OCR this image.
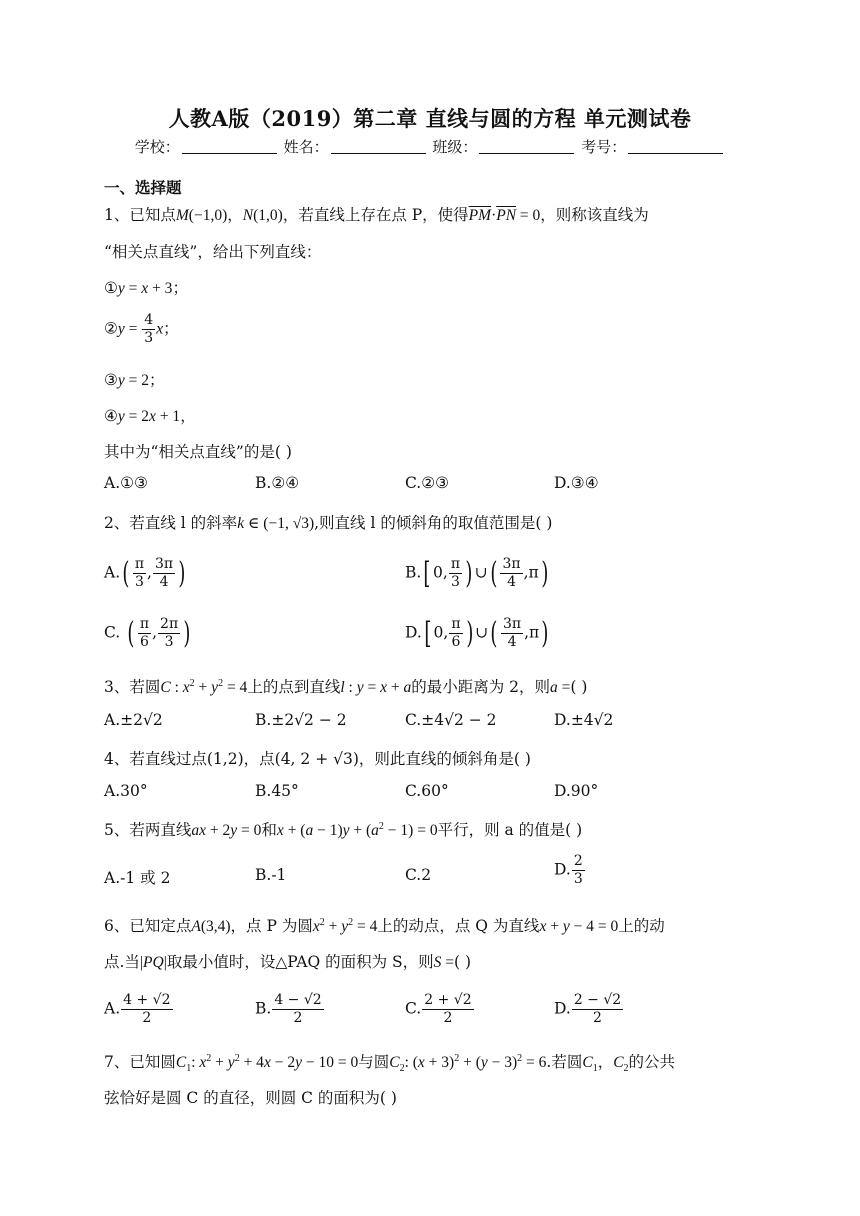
人教A版（2019）第二章 直线与圆的方程 单元测试卷
学校：	姓名：	班级：	考号：
一、选择题
1、已知点M(−1,0)，N(1,0)，若直线上存在点 P，使得$\overline{PM}\cdot\overline{PN} = 0$，则称该直线为
“相关点直线”，给出下列直线：
①y = x + 3；
②y = $\frac{4}{3}$ x；
③y = 2；
④y = 2x + 1，
其中为“相关点直线”的是( )
A.①③	B.②④	C.②③	D.③④
2、若直线 l 的斜率k ∈ (−1, √3),则直线 l 的倾斜角的取值范围是( )
$A.( \frac{\pi}{3}$ , $\frac{3\pi}{4}$ )	B.[ 0, $\frac{\pi}{3}$ ) ∪( $\frac{3\pi}{4} ,\pi$)
C. ( $\frac{\pi}{6}$ , $\frac{2\pi}{3}$ )	D.[ 0, $\frac{\pi}{6}$ ) ∪( $\frac{3\pi}{4} ,\pi$)
3、若圆C : $x^2 + y^2 = 4$上的点到直线l : y = x + a的最小距离为 2，则a =( )
A.±2√2	B.±2√2 − 2	C.±4√2 − 2	D.±4√2
4、若直线过点(1,2)，点(4, 2 + √3)，则此直线的倾斜角是( )
A.30°	B.45°	C.60°	D.90°
5、若两直线ax + 2y = 0和$x + (a - 1)y + (a^2 - 1) = 0$平行，则 a 的值是( )
A.-1 或 2	B.-1	C.2	D. $\frac{2}{3}$
6、已知定点A(3,4)，点 P 为圆$x^2 + y^2 = 4$上的动点，点 Q 为直线x + y − 4 = 0上的动
点.当|PQ|取最小值时，设△PAQ 的面积为 S，则S =( )
A. $\frac{4 + √2}{2}$	B. $\frac{4 - √2}{2}$	C. $\frac{2 + √2}{2}$	D. $\frac{2 - √2}{2}$
7、已知圆$C_1$: $x^2 + y^2 + 4x - 2y - 10 = 0$与圆$C_2$: $(x + 3)^2 + (y - 3)^2 = 6$.若圆$C_1$，$C_2$的公共
弦恰好是圆 C 的直径，则圆 C 的面积为( )
